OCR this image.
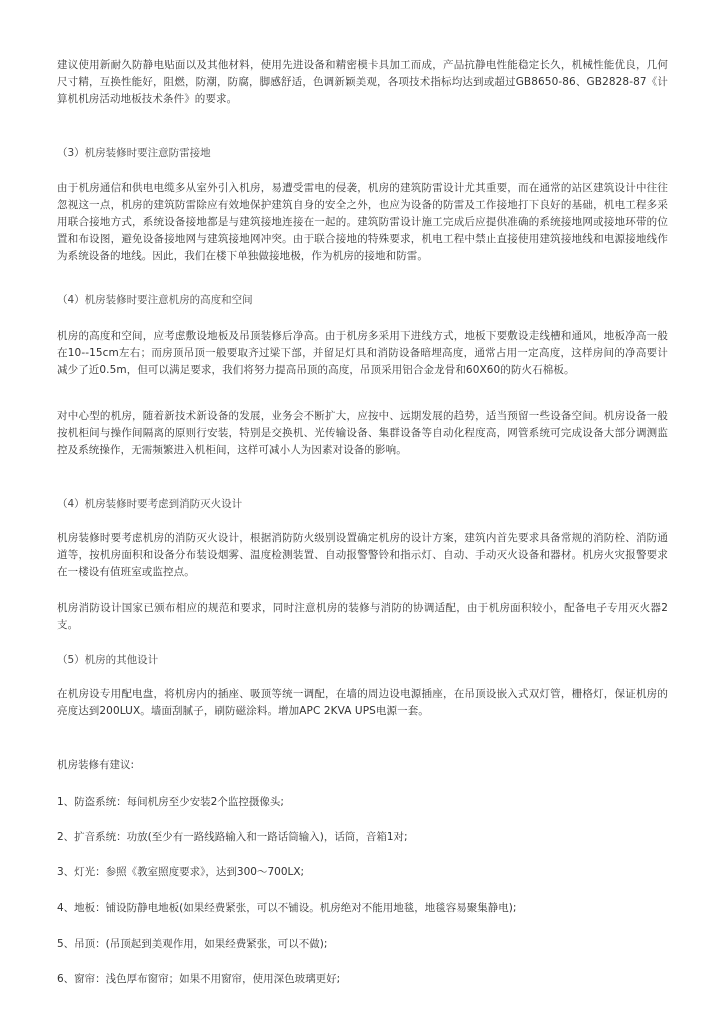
建议使用新耐久防静电贴面以及其他材料，使用先进设备和精密模卡具加工而成，产品抗静电性能稳定长久，机械性能优良，几何尺寸精，互换性能好，阻燃，防潮，防腐，脚感舒适，色调新颖美观，各项技术指标均达到或超过GB8650-86、GB2828-87《计算机机房活动地板技术条件》的要求。

（3）机房装修时要注意防雷接地

由于机房通信和供电电缆多从室外引入机房，易遭受雷电的侵袭，机房的建筑防雷设计尤其重要，而在通常的站区建筑设计中往往忽视这一点，机房的建筑防雷除应有效地保护建筑自身的安全之外，也应为设备的防雷及工作接地打下良好的基础，机电工程多采用联合接地方式，系统设备接地都是与建筑接地连接在一起的。建筑防雷设计施工完成后应提供准确的系统接地网或接地环带的位置和布设图，避免设备接地网与建筑接地网冲突。由于联合接地的特殊要求，机电工程中禁止直接使用建筑接地线和电源接地线作为系统设备的地线。因此，我们在楼下单独做接地极，作为机房的接地和防雷。

（4）机房装修时要注意机房的高度和空间

机房的高度和空间，应考虑敷设地板及吊顶装修后净高。由于机房多采用下进线方式，地板下要敷设走线槽和通风，地板净高一般在10--15cm左右；而房顶吊顶一般要取齐过梁下部，并留足灯具和消防设备暗埋高度，通常占用一定高度，这样房间的净高要计减少了近0.5m，但可以满足要求，我们将努力提高吊顶的高度，吊顶采用铝合金龙骨和60X60的防火石棉板。

对中心型的机房，随着新技术新设备的发展，业务会不断扩大，应按中、远期发展的趋势，适当预留一些设备空间。机房设备一般按机柜间与操作间隔离的原则行安装，特别是交换机、光传输设备、集群设备等自动化程度高，网管系统可完成设备大部分调测监控及系统操作，无需频繁进入机柜间，这样可减小人为因素对设备的影响。

（4）机房装修时要考虑到消防灭火设计

机房装修时要考虑机房的消防灭火设计，根据消防防火级别设置确定机房的设计方案，建筑内首先要求具备常规的消防栓、消防通道等，按机房面积和设备分布装设烟雾、温度检测装置、自动报警警铃和指示灯、自动、手动灭火设备和器材。机房火灾报警要求在一楼设有值班室或监控点。

机房消防设计国家已颁布相应的规范和要求，同时注意机房的装修与消防的协调适配，由于机房面积较小，配备电子专用灭火器2支。

（5）机房的其他设计

在机房设专用配电盘，将机房内的插座、吸顶等统一调配，在墙的周边设电源插座，在吊顶设嵌入式双灯管，栅格灯，保证机房的亮度达到200LUX。墙面刮腻子，刷防磁涂料。增加APC 2KVA UPS电源一套。

机房装修有建议:

1、防盗系统：每间机房至少安装2个监控摄像头;

2、扩音系统：功放(至少有一路线路输入和一路话筒输入)，话筒，音箱1对;

3、灯光：参照《教室照度要求》，达到300～700LX;

4、地板：铺设防静电地板(如果经费紧张，可以不铺设。机房绝对不能用地毯，地毯容易聚集静电);

5、吊顶：(吊顶起到美观作用，如果经费紧张，可以不做);

6、窗帘：浅色厚布窗帘；如果不用窗帘，使用深色玻璃更好;
